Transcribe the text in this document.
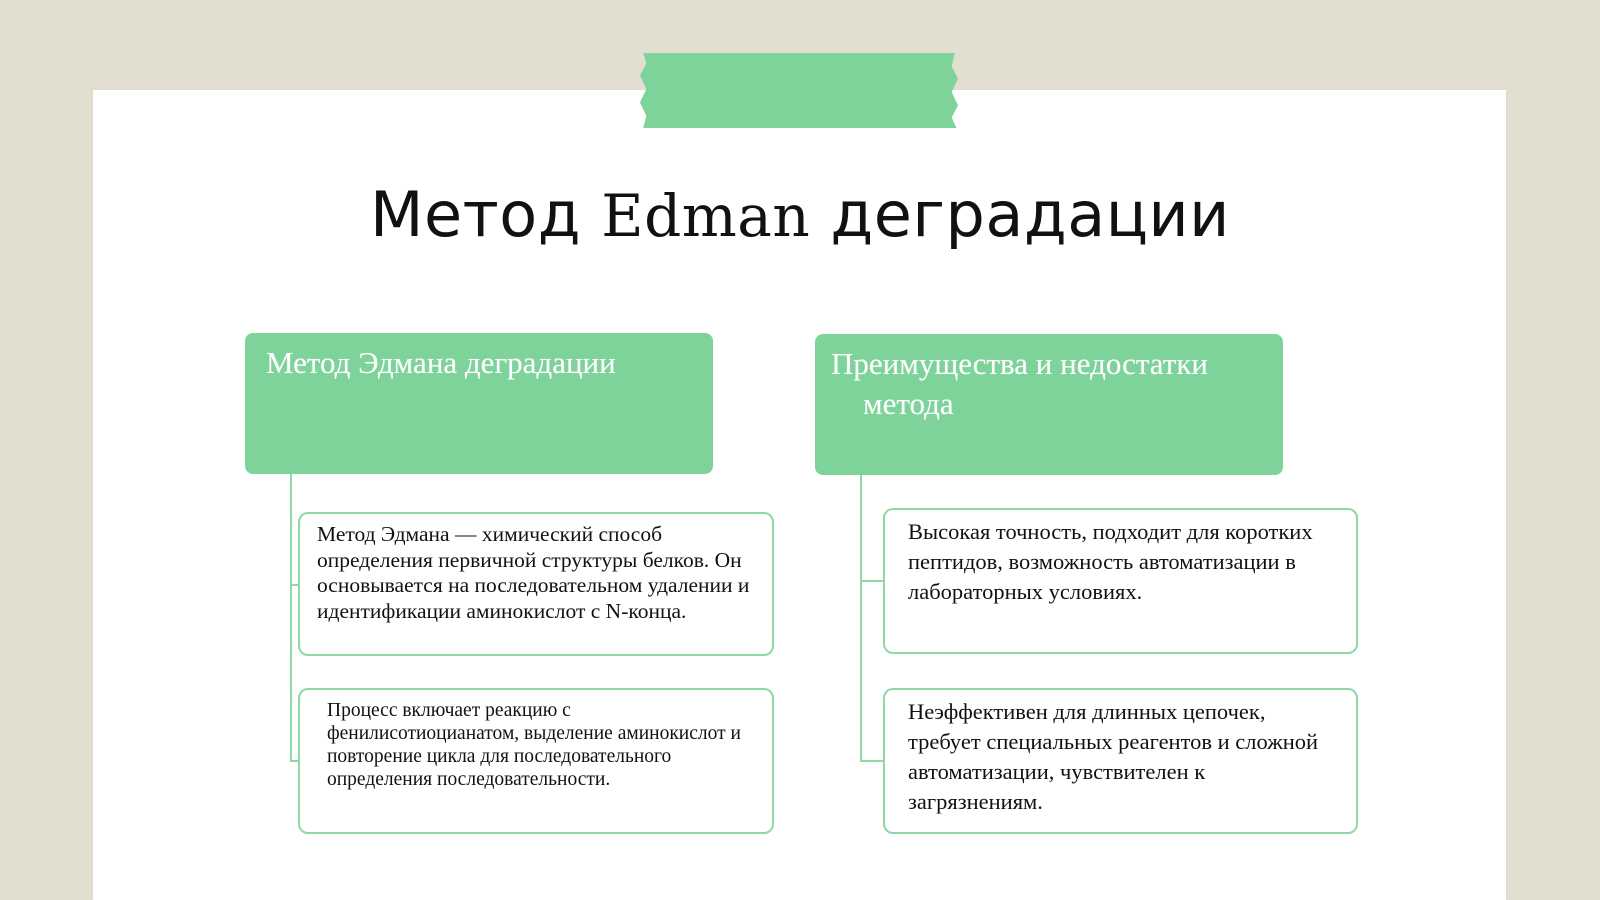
Метод Edman деградации
Метод Эдмана деградации
Метод Эдмана — химический способ определения первичной структуры белков. Он основывается на последовательном удалении и идентификации аминокислот с N-конца.
Процесс включает реакцию с фенилисотиоцианатом, выделение аминокислот и повторение цикла для последовательного определения последовательности.
Преимущества и недостатки
метода
Высокая точность, подходит для коротких пептидов, возможность автоматизации в лабораторных условиях.
Неэффективен для длинных цепочек, требует специальных реагентов и сложной автоматизации, чувствителен к загрязнениям.
